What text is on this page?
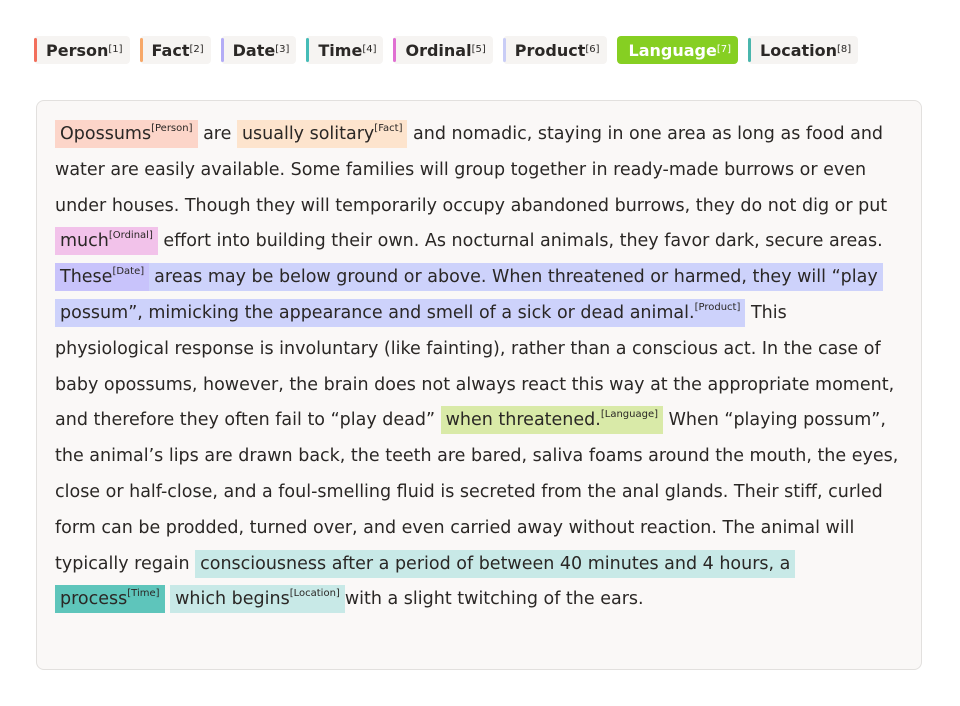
Person [1] Fact [2] Date [3] Time [4] Ordinal [5] Product [6] Language [7] Location [8]
Opossums[Person] are usually solitary[Fact] and nomadic, staying in one area as long as food and water are easily available. Some families will group together in ready-made burrows or even under houses. Though they will temporarily occupy abandoned burrows, they do not dig or put much[Ordinal] effort into building their own. As nocturnal animals, they favor dark, secure areas. These[Date] areas may be below ground or above. When threatened or harmed, they will “play possum”, mimicking the appearance and smell of a sick or dead animal.[Product] This physiological response is involuntary (like fainting), rather than a conscious act. In the case of baby opossums, however, the brain does not always react this way at the appropriate moment, and therefore they often fail to “play dead” when threatened.[Language] When “playing possum”, the animal’s lips are drawn back, the teeth are bared, saliva foams around the mouth, the eyes, close or half-close, and a foul-smelling fluid is secreted from the anal glands. Their stiff, curled form can be prodded, turned over, and even carried away without reaction. The animal will typically regain consciousness after a period of between 40 minutes and 4 hours, a process[Time] which begins[Location] with a slight twitching of the ears.
